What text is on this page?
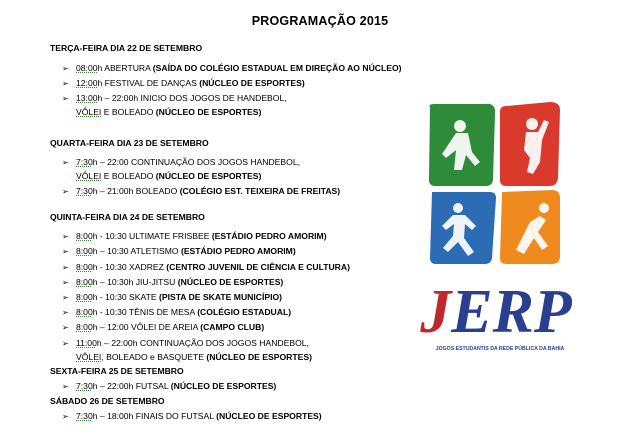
PROGRAMAÇÃO 2015
TERÇA-FEIRA DIA 22 DE SETEMBRO
➢ 08:00h ABERTURA (SAÍDA DO COLÉGIO ESTADUAL EM DIREÇÃO AO NÚCLEO)
➢ 12:00h FESTIVAL DE DANÇAS (NÚCLEO DE ESPORTES)
➢ 13:00h – 22:00h INICIO DOS JOGOS DE HANDEBOL,
VÔLEI E BOLEADO (NÚCLEO DE ESPORTES)
QUARTA-FEIRA DIA 23 DE SETEMBRO
➢ 7:30h – 22:00 CONTINUAÇÃO DOS JOGOS HANDEBOL,
VÔLEI E BOLEADO (NÚCLEO DE ESPORTES)
➢ 7:30h – 21:00h BOLEADO (COLÉGIO EST. TEIXEIRA DE FREITAS)
QUINTA-FEIRA DIA 24 DE SETEMBRO
➢ 8:00h - 10:30 ULTIMATE FRISBEE (ESTÁDIO PEDRO AMORIM)
➢ 8:00h – 10:30 ATLETISMO (ESTÁDIO PEDRO AMORIM)
➢ 8:00h - 10:30 XADREZ (CENTRO JUVENIL DE CIÊNCIA E CULTURA)
➢ 8:00h – 10:30h JIU-JITSU (NÚCLEO DE ESPORTES)
➢ 8:00h - 10:30 SKATE (PISTA DE SKATE MUNICÍPIO)
➢ 8:00h - 10:30 TÊNIS DE MESA (COLÉGIO ESTADUAL)
➢ 8:00h – 12:00 VÔLEI DE AREIA (CAMPO CLUB)
➢ 11:00h – 22:00h CONTINUAÇÃO DOS JOGOS HANDEBOL,
VÔLEI, BOLEADO e BASQUETE (NÚCLEO DE ESPORTES)
SEXTA-FEIRA 25 DE SETEMBRO
➢ 7:30h – 22:00h FUTSAL (NÚCLEO DE ESPORTES)
SÁBADO 26 DE SETEMBRO
➢ 7:30h – 18:00h FINAIS DO FUTSAL (NÚCLEO DE ESPORTES)
JERP
JOGOS ESTUDANTIS DA REDE PÚBLICA DA BAHIA
